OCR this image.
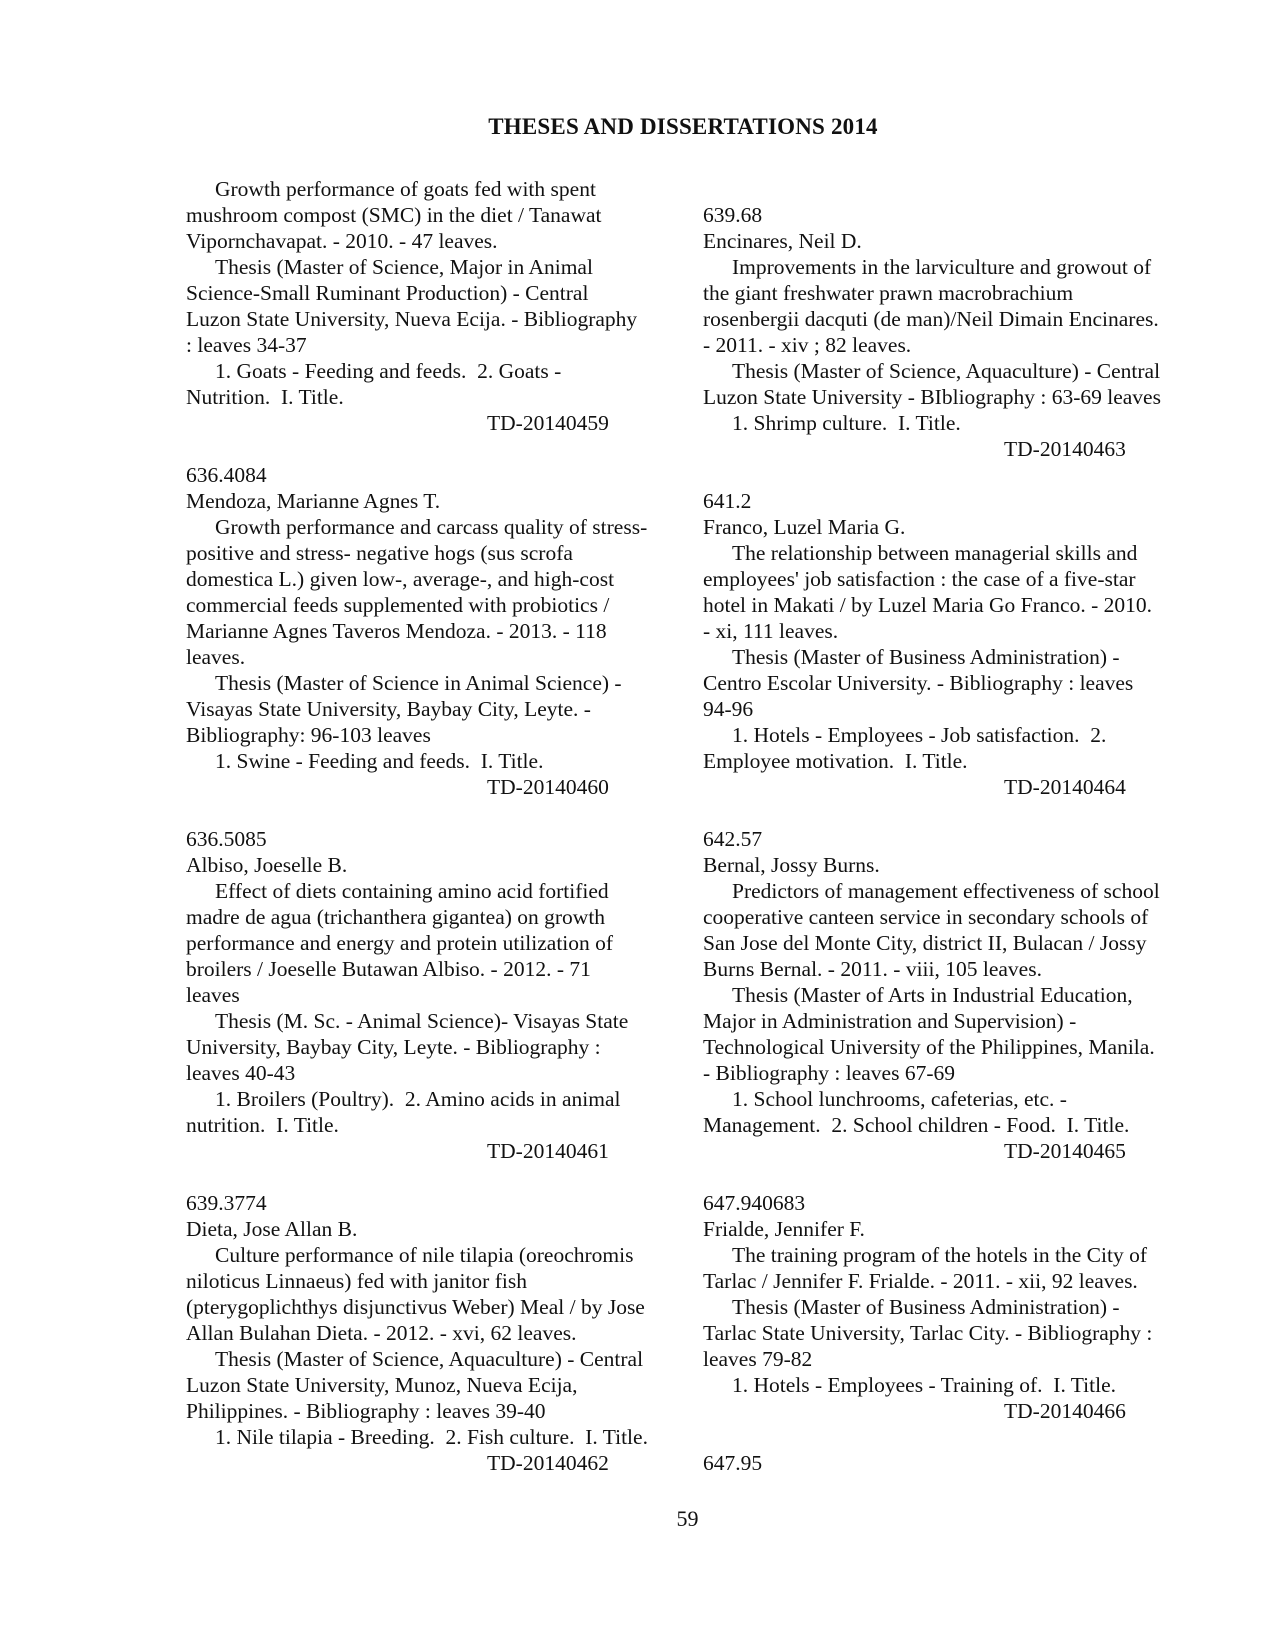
THESES AND DISSERTATIONS 2014
Growth performance of goats fed with spent
mushroom compost (SMC) in the diet / Tanawat
Vipornchavapat. - 2010. - 47 leaves.
Thesis (Master of Science, Major in Animal
Science-Small Ruminant Production) - Central
Luzon State University, Nueva Ecija. - Bibliography
: leaves 34-37
1. Goats - Feeding and feeds.  2. Goats -
Nutrition.  I. Title.
TD-20140459
636.4084
Mendoza, Marianne Agnes T.
Growth performance and carcass quality of stress-
positive and stress- negative hogs (sus scrofa
domestica L.) given low-, average-, and high-cost
commercial feeds supplemented with probiotics /
Marianne Agnes Taveros Mendoza. - 2013. - 118
leaves.
Thesis (Master of Science in Animal Science) -
Visayas State University, Baybay City, Leyte. -
Bibliography: 96-103 leaves
1. Swine - Feeding and feeds.  I. Title.
TD-20140460
636.5085
Albiso, Joeselle B.
Effect of diets containing amino acid fortified
madre de agua (trichanthera gigantea) on growth
performance and energy and protein utilization of
broilers / Joeselle Butawan Albiso. - 2012. - 71
leaves
Thesis (M. Sc. - Animal Science)- Visayas State
University, Baybay City, Leyte. - Bibliography :
leaves 40-43
1. Broilers (Poultry).  2. Amino acids in animal
nutrition.  I. Title.
TD-20140461
639.3774
Dieta, Jose Allan B.
Culture performance of nile tilapia (oreochromis
niloticus Linnaeus) fed with janitor fish
(pterygoplichthys disjunctivus Weber) Meal / by Jose
Allan Bulahan Dieta. - 2012. - xvi, 62 leaves.
Thesis (Master of Science, Aquaculture) - Central
Luzon State University, Munoz, Nueva Ecija,
Philippines. - Bibliography : leaves 39-40
1. Nile tilapia - Breeding.  2. Fish culture.  I. Title.
TD-20140462
639.68
Encinares, Neil D.
Improvements in the larviculture and growout of
the giant freshwater prawn macrobrachium
rosenbergii dacquti (de man)/Neil Dimain Encinares.
- 2011. - xiv ; 82 leaves.
Thesis (Master of Science, Aquaculture) - Central
Luzon State University - BIbliography : 63-69 leaves
1. Shrimp culture.  I. Title.
TD-20140463
641.2
Franco, Luzel Maria G.
The relationship between managerial skills and
employees' job satisfaction : the case of a five-star
hotel in Makati / by Luzel Maria Go Franco. - 2010.
- xi, 111 leaves.
Thesis (Master of Business Administration) -
Centro Escolar University. - Bibliography : leaves
94-96
1. Hotels - Employees - Job satisfaction.  2.
Employee motivation.  I. Title.
TD-20140464
642.57
Bernal, Jossy Burns.
Predictors of management effectiveness of school
cooperative canteen service in secondary schools of
San Jose del Monte City, district II, Bulacan / Jossy
Burns Bernal. - 2011. - viii, 105 leaves.
Thesis (Master of Arts in Industrial Education,
Major in Administration and Supervision) -
Technological University of the Philippines, Manila.
- Bibliography : leaves 67-69
1. School lunchrooms, cafeterias, etc. -
Management.  2. School children - Food.  I. Title.
TD-20140465
647.940683
Frialde, Jennifer F.
The training program of the hotels in the City of
Tarlac / Jennifer F. Frialde. - 2011. - xii, 92 leaves.
Thesis (Master of Business Administration) -
Tarlac State University, Tarlac City. - Bibliography :
leaves 79-82
1. Hotels - Employees - Training of.  I. Title.
TD-20140466
647.95
59
